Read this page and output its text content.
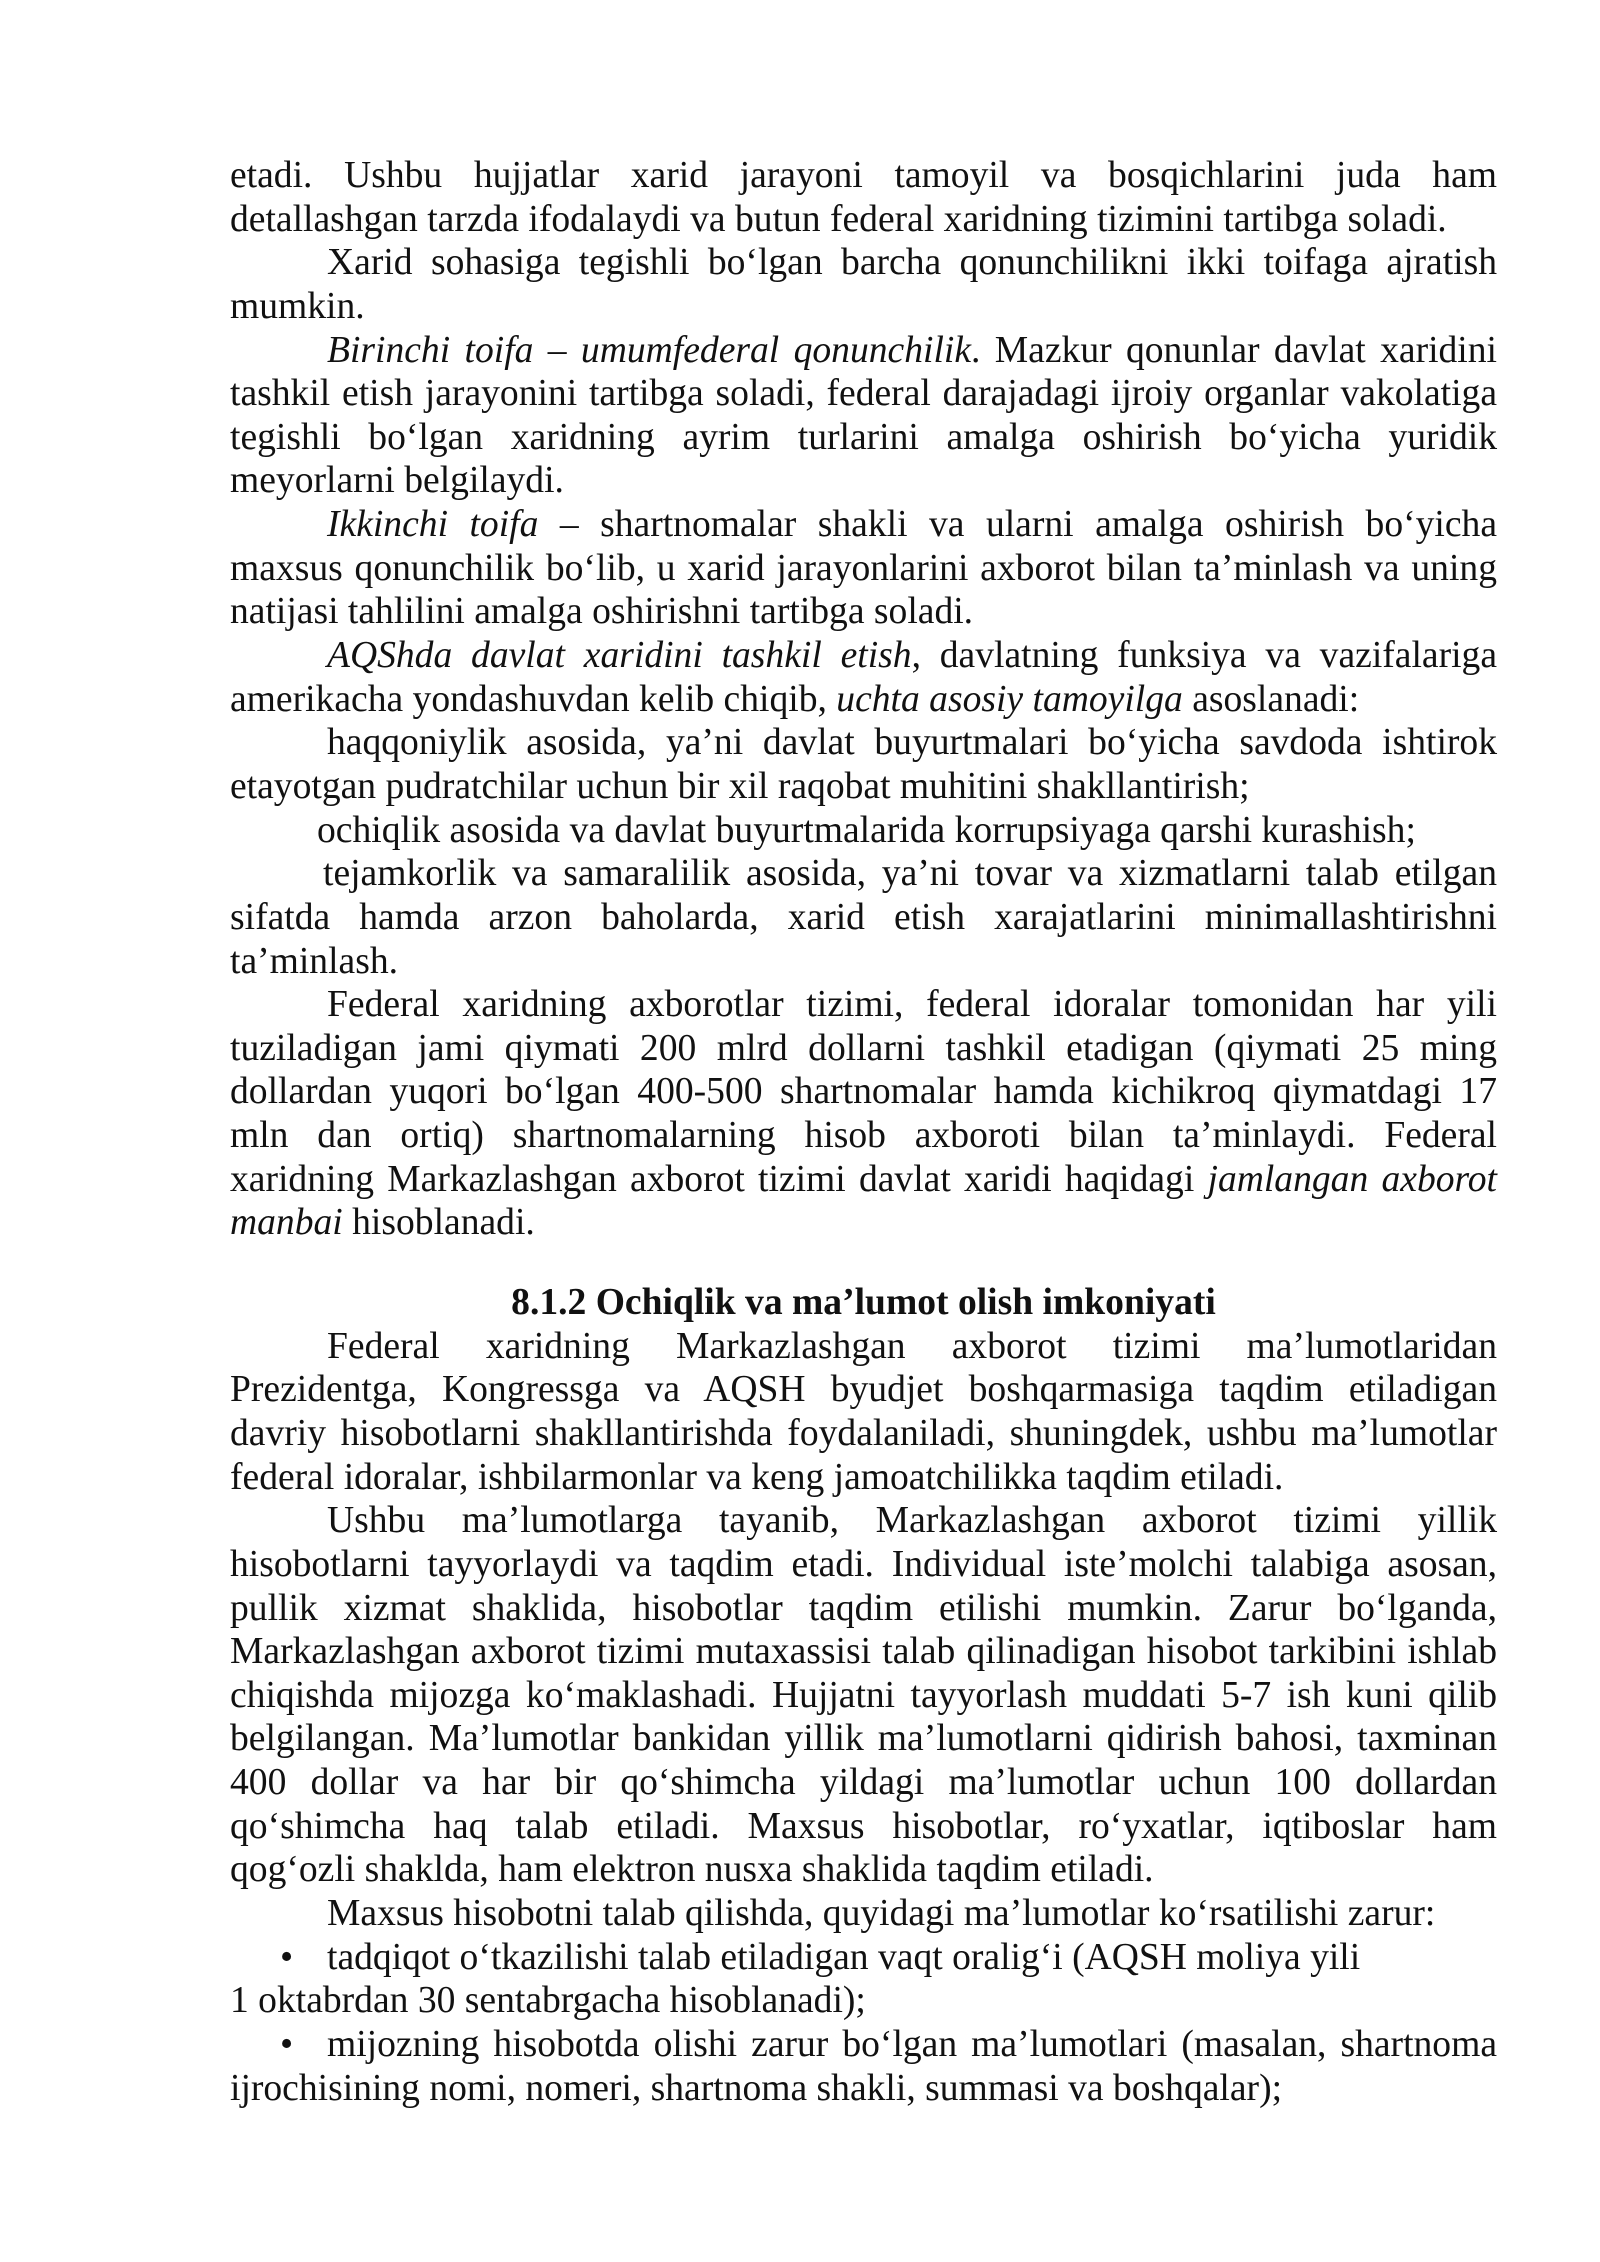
etadi. Ushbu hujjatlar xarid jarayoni tamoyil va bosqichlarini juda ham
detallashgan tarzda ifodalaydi va butun federal xaridning tizimini tartibga soladi.
Xarid sohasiga tegishli bo‘lgan barcha qonunchilikni ikki toifaga ajratish
mumkin.
Birinchi toifa – umumfederal qonunchilik. Mazkur qonunlar davlat xaridini
tashkil etish jarayonini tartibga soladi, federal darajadagi ijroiy organlar vakolatiga
tegishli bo‘lgan xaridning ayrim turlarini amalga oshirish bo‘yicha yuridik
meyorlarni belgilaydi.
Ikkinchi toifa – shartnomalar shakli va ularni amalga oshirish bo‘yicha
maxsus qonunchilik bo‘lib, u xarid jarayonlarini axborot bilan ta’minlash va uning
natijasi tahlilini amalga oshirishni tartibga soladi.
AQShda davlat xaridini tashkil etish, davlatning funksiya va vazifalariga
amerikacha yondashuvdan kelib chiqib, uchta asosiy tamoyilga asoslanadi:
haqqoniylik asosida, ya’ni davlat buyurtmalari bo‘yicha savdoda ishtirok
etayotgan pudratchilar uchun bir xil raqobat muhitini shakllantirish;
ochiqlik asosida va davlat buyurtmalarida korrupsiyaga qarshi kurashish;
tejamkorlik va samaralilik asosida, ya’ni tovar va xizmatlarni talab etilgan
sifatda hamda arzon baholarda, xarid etish xarajatlarini minimallashtirishni
ta’minlash.
Federal xaridning axborotlar tizimi, federal idoralar tomonidan har yili
tuziladigan jami qiymati 200 mlrd dollarni tashkil etadigan (qiymati 25 ming
dollardan yuqori bo‘lgan 400-500 shartnomalar hamda kichikroq qiymatdagi 17
mln dan ortiq) shartnomalarning hisob axboroti bilan ta’minlaydi. Federal
xaridning Markazlashgan axborot tizimi davlat xaridi haqidagi jamlangan axborot
manbai hisoblanadi.
8.1.2 Ochiqlik va ma’lumot olish imkoniyati
Federal xaridning Markazlashgan axborot tizimi ma’lumotlaridan
Prezidentga, Kongressga va AQSH byudjet boshqarmasiga taqdim etiladigan
davriy hisobotlarni shakllantirishda foydalaniladi, shuningdek, ushbu ma’lumotlar
federal idoralar, ishbilarmonlar va keng jamoatchilikka taqdim etiladi.
Ushbu ma’lumotlarga tayanib, Markazlashgan axborot tizimi yillik
hisobotlarni tayyorlaydi va taqdim etadi. Individual iste’molchi talabiga asosan,
pullik xizmat shaklida, hisobotlar taqdim etilishi mumkin. Zarur bo‘lganda,
Markazlashgan axborot tizimi mutaxassisi talab qilinadigan hisobot tarkibini ishlab
chiqishda mijozga ko‘maklashadi. Hujjatni tayyorlash muddati 5-7 ish kuni qilib
belgilangan. Ma’lumotlar bankidan yillik ma’lumotlarni qidirish bahosi, taxminan
400 dollar va har bir qo‘shimcha yildagi ma’lumotlar uchun 100 dollardan
qo‘shimcha haq talab etiladi. Maxsus hisobotlar, ro‘yxatlar, iqtiboslar ham
qog‘ozli shaklda, ham elektron nusxa shaklida taqdim etiladi.
Maxsus hisobotni talab qilishda, quyidagi ma’lumotlar ko‘rsatilishi zarur:
• tadqiqot o‘tkazilishi talab etiladigan vaqt oralig‘i (AQSH moliya yili
1 oktabrdan 30 sentabrgacha hisoblanadi);
• mijozning hisobotda olishi zarur bo‘lgan ma’lumotlari (masalan, shartnoma
ijrochisining nomi, nomeri, shartnoma shakli, summasi va boshqalar);
